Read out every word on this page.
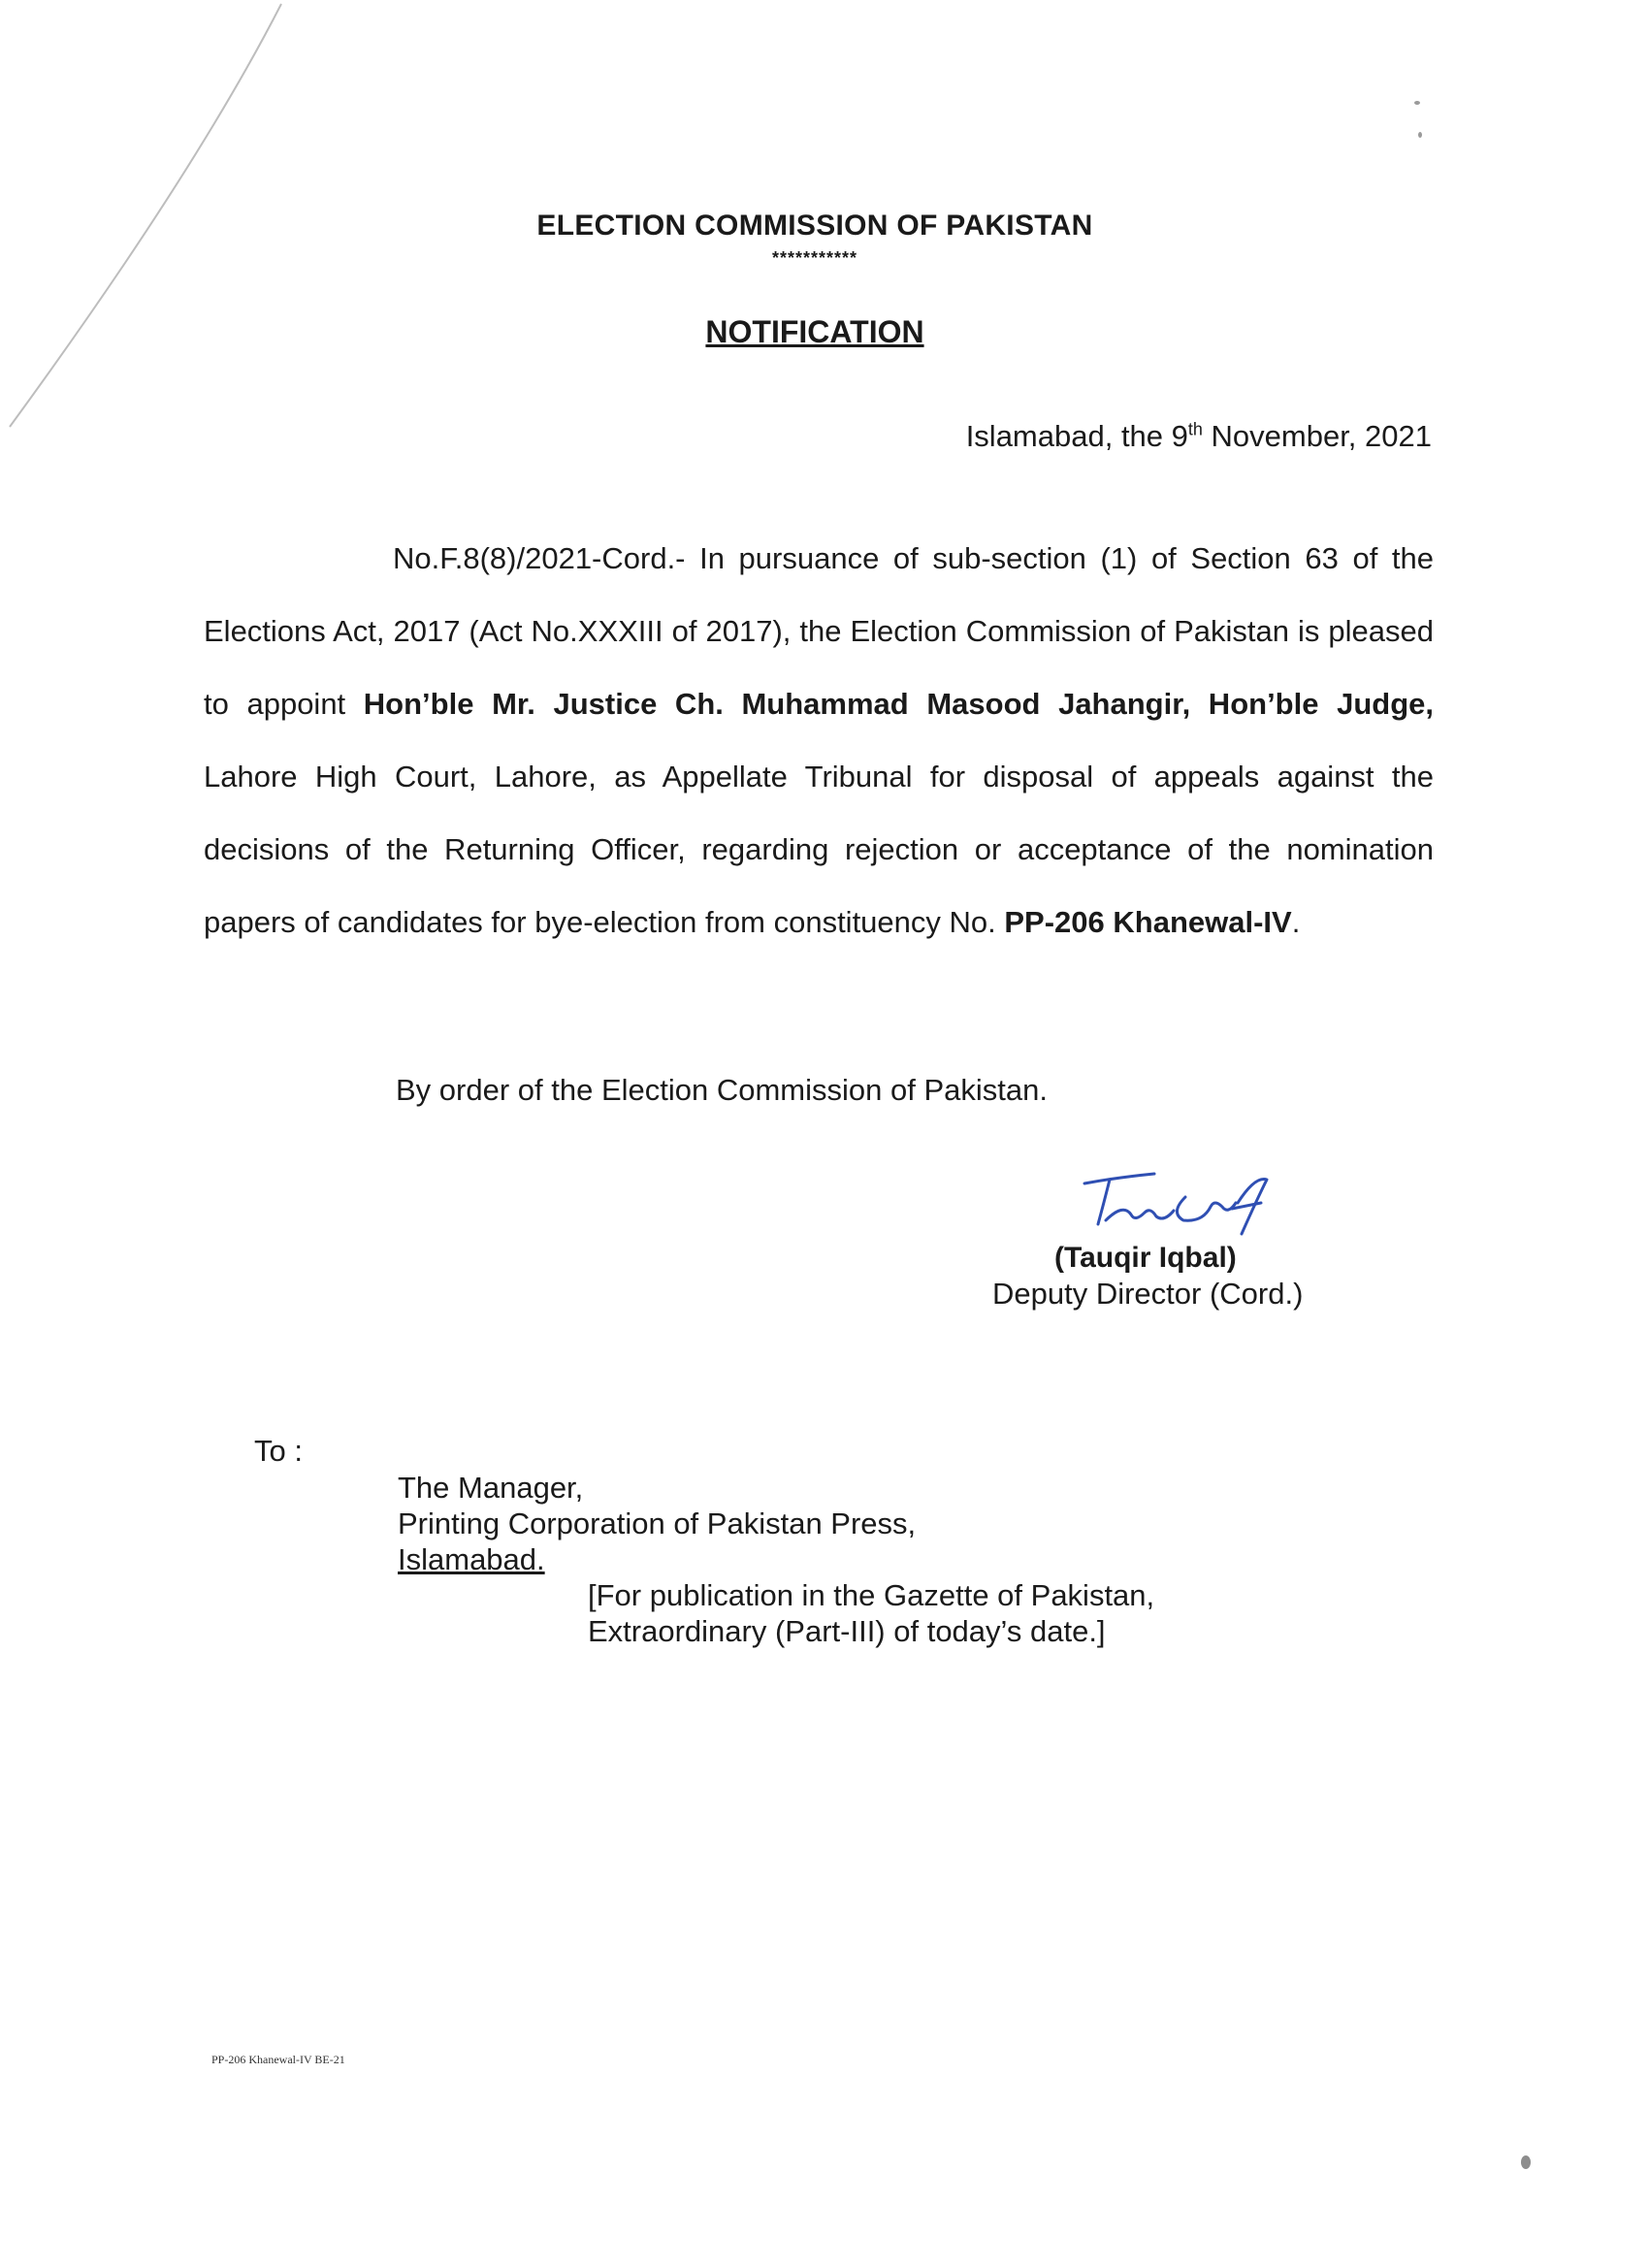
ELECTION COMMISSION OF PAKISTAN
***********
NOTIFICATION
Islamabad, the 9th November, 2021
No.F.8(8)/2021-Cord.- In pursuance of sub-section (1) of Section 63 of the Elections Act, 2017 (Act No.XXXIII of 2017), the Election Commission of Pakistan is pleased to appoint Hon’ble Mr. Justice Ch. Muhammad Masood Jahangir, Hon’ble Judge, Lahore High Court, Lahore, as Appellate Tribunal for disposal of appeals against the decisions of the Returning Officer, regarding rejection or acceptance of the nomination papers of candidates for bye-election from constituency No. PP-206 Khanewal-IV.
By order of the Election Commission of Pakistan.
(Tauqir Iqbal)
Deputy Director (Cord.)
To :
The Manager,
Printing Corporation of Pakistan Press,
Islamabad.
[For publication in the Gazette of Pakistan,
Extraordinary (Part-III) of today’s date.]
PP-206 Khanewal-IV BE-21
